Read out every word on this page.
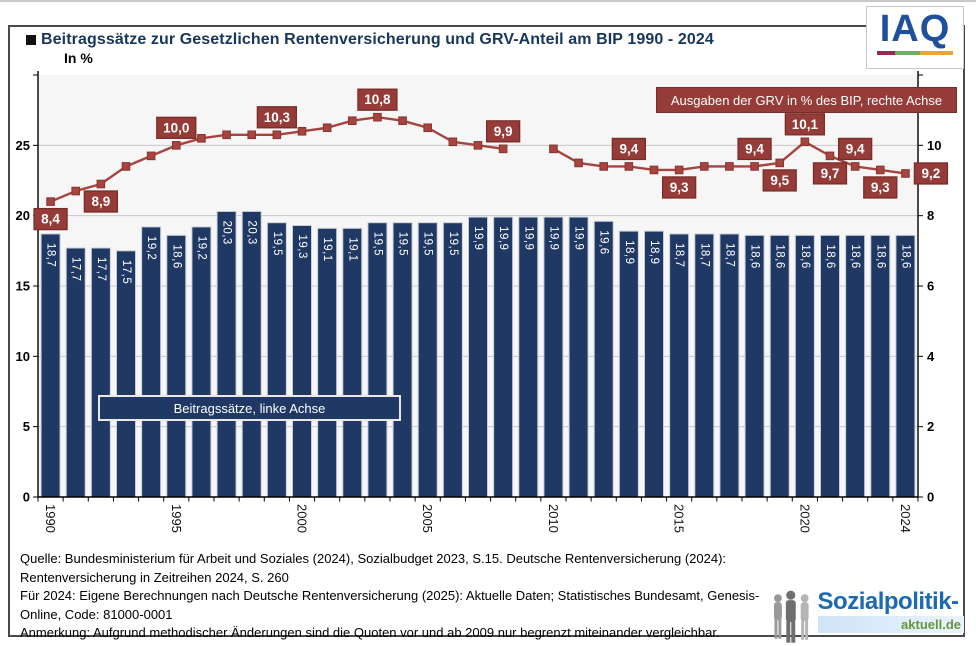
18,7
17,7 17,7 17,5
19,2 18,6 19,2
20,3 20,3 19,5 19,3 19,1 19,1 19,5 19,5 19,5 19,5 19,9 19,9 19,9 19,9 19,9 19,6 18,9 18,9 18,7 18,7 18,7 18,6 18,6 18,6 18,6 18,6 18,6 18,6
0
5
10
15
20
25
0
2
4
6
8
10
1990	1995	2000	2005	2010	2015	2020	2024
8,4
8,9
10,0
10,3
10,8
9,9
9,4
9,3
9,4
9,5
10,1
9,7
9,4
9,3
9,2
Beitragssätze zur Gesetzlichen Rentenversicherung und GRV-Anteil am BIP 1990 - 2024
In %
IAQ
Ausgaben der GRV in % des BIP, rechte Achse
Beitragssätze, linke Achse
Quelle: Bundesministerium für Arbeit und Soziales (2024), Sozialbudget 2023, S.15. Deutsche Rentenversicherung (2024):
Rentenversicherung in Zeitreihen 2024, S. 260
Für 2024: Eigene Berechnungen nach Deutsche Rentenversicherung (2025): Aktuelle Daten; Statistisches Bundesamt, Genesis-
Online, Code: 81000-0001
Anmerkung: Aufgrund methodischer Änderungen sind die Quoten vor und ab 2009 nur begrenzt miteinander vergleichbar.
Sozialpolitik-
aktuell.de
